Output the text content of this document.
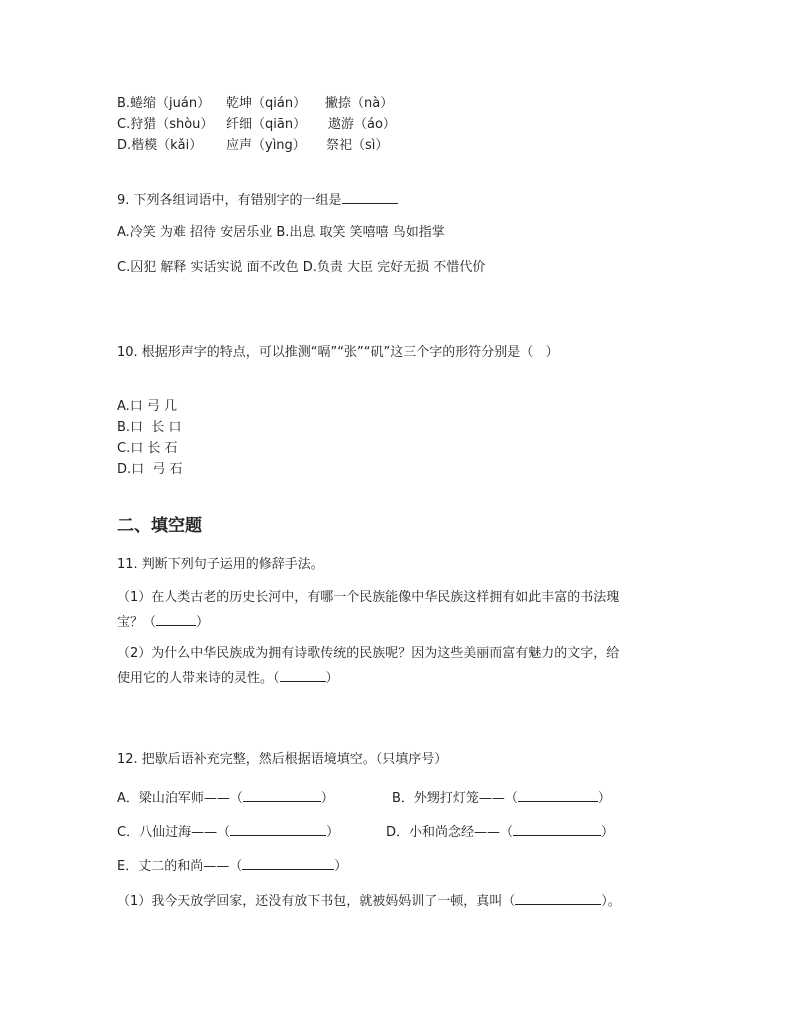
B.蜷缩（juán） 乾坤（qián） 撇捺（nà）
C.狩猎（shòu） 纤细（qiān） 遨游（áo）
D.楷模（kǎi） 应声（yìng） 祭祀（sì）
9. 下列各组词语中，有错别字的一组是
A.冷笑 为难 招待 安居乐业 B.出息 取笑 笑嘻嘻 鸟如指掌
C.囚犯 解释 实话实说 面不改色 D.负责 大臣 完好无损 不惜代价
10. 根据形声字的特点，可以推测“嗝”“张”“矶”这三个字的形符分别是（   ）
A.口 弓 几
B.口  长 口
C.口 长 石
D.口  弓 石
二、填空题
11. 判断下列句子运用的修辞手法。
（1）在人类古老的历史长河中，有哪一个民族能像中华民族这样拥有如此丰富的书法瑰
宝？（	）
（2）为什么中华民族成为拥有诗歌传统的民族呢？因为这些美丽而富有魅力的文字，给
使用它的人带来诗的灵性。（	）
12. 把歇后语补充完整，然后根据语境填空。（只填序号）
A．梁山泊军师——（	）	B．外甥打灯笼——（	）
C．八仙过海——（	）	D．小和尚念经——（	）
E．丈二的和尚——（	）
（1）我今天放学回家，还没有放下书包，就被妈妈训了一顿，真叫（	）。
